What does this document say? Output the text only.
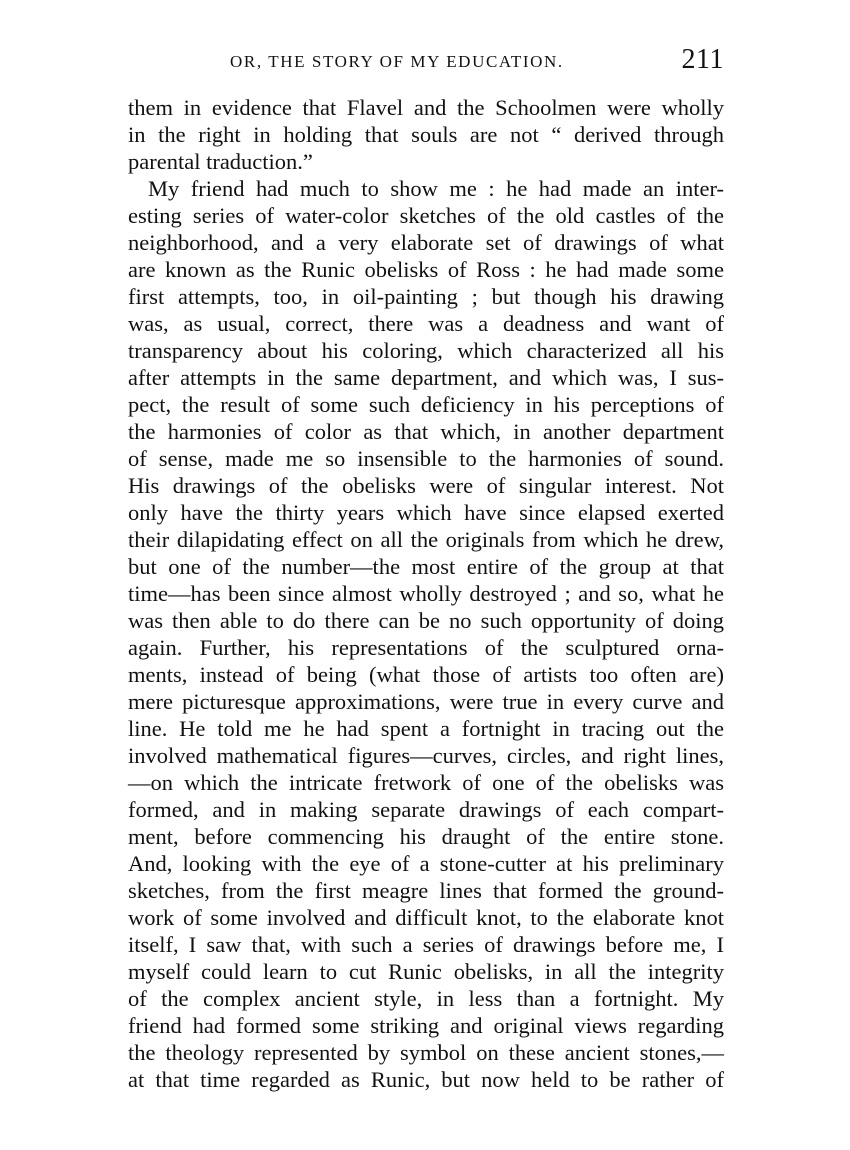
OR, THE STORY OF MY EDUCATION.	211
them in evidence that Flavel and the Schoolmen were wholly
in the right in holding that souls are not “ derived through
parental traduction.”
My friend had much to show me : he had made an inter-
esting series of water-color sketches of the old castles of the
neighborhood, and a very elaborate set of drawings of what
are known as the Runic obelisks of Ross : he had made some
first attempts, too, in oil-painting ; but though his drawing
was, as usual, correct, there was a deadness and want of
transparency about his coloring, which characterized all his
after attempts in the same department, and which was, I sus-
pect, the result of some such deficiency in his perceptions of
the harmonies of color as that which, in another department
of sense, made me so insensible to the harmonies of sound.
His drawings of the obelisks were of singular interest. Not
only have the thirty years which have since elapsed exerted
their dilapidating effect on all the originals from which he drew,
but one of the number—the most entire of the group at that
time—has been since almost wholly destroyed ; and so, what he
was then able to do there can be no such opportunity of doing
again. Further, his representations of the sculptured orna-
ments, instead of being (what those of artists too often are)
mere picturesque approximations, were true in every curve and
line. He told me he had spent a fortnight in tracing out the
involved mathematical figures—curves, circles, and right lines,
—on which the intricate fretwork of one of the obelisks was
formed, and in making separate drawings of each compart-
ment, before commencing his draught of the entire stone.
And, looking with the eye of a stone-cutter at his preliminary
sketches, from the first meagre lines that formed the ground-
work of some involved and difficult knot, to the elaborate knot
itself, I saw that, with such a series of drawings before me, I
myself could learn to cut Runic obelisks, in all the integrity
of the complex ancient style, in less than a fortnight. My
friend had formed some striking and original views regarding
the theology represented by symbol on these ancient stones,—
at that time regarded as Runic, but now held to be rather of
